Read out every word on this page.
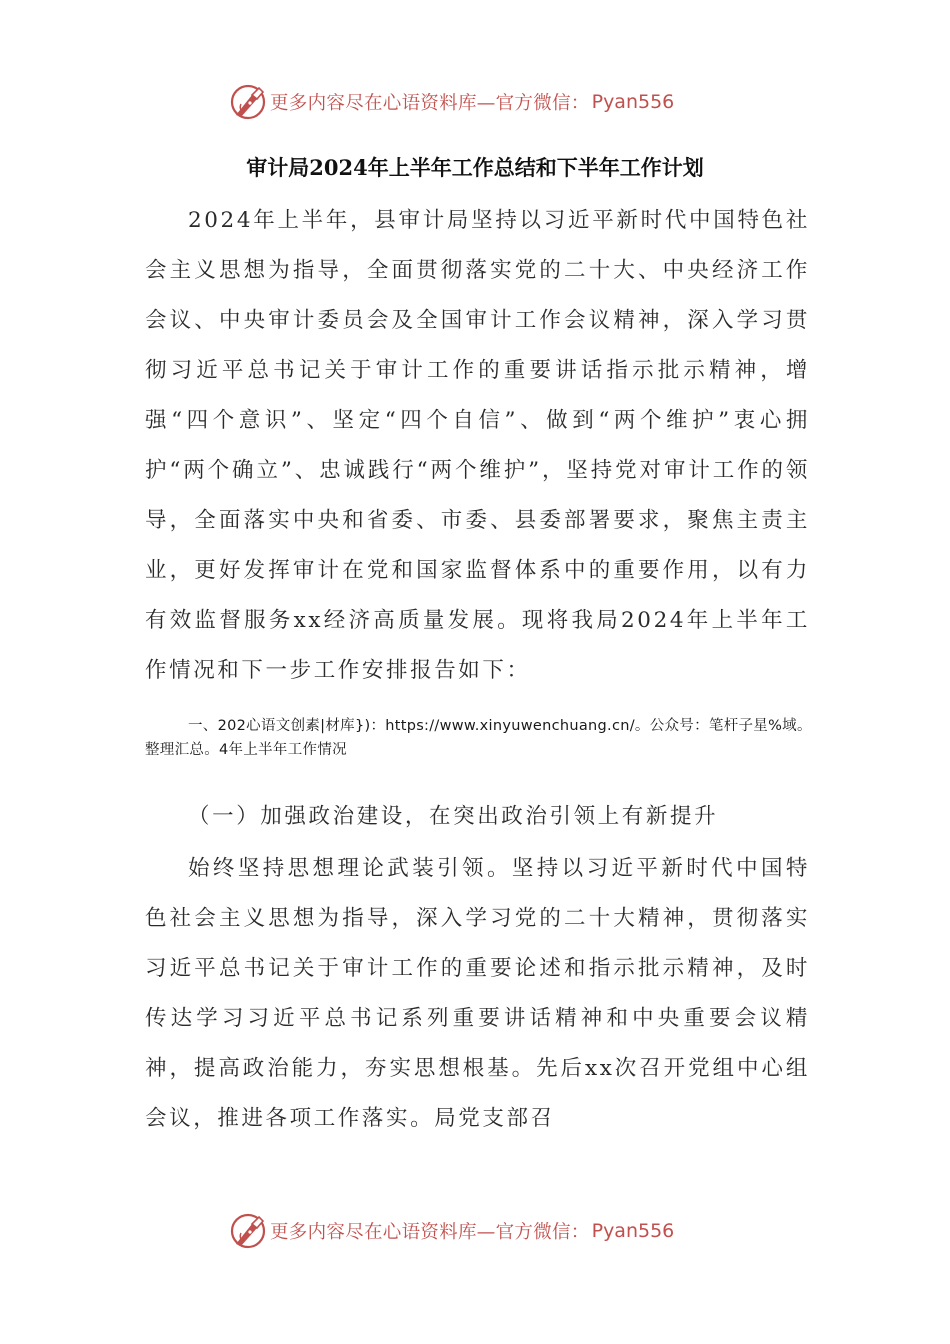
更多内容尽在心语资料库—官方微信： Pyan556
审计局2024年上半年工作总结和下半年工作计划
2024年上半年，县审计局坚持以习近平新时代中国特色社会主义思想为指导，全面贯彻落实党的二十大、中央经济工作会议、中央审计委员会及全国审计工作会议精神，深入学习贯彻习近平总书记关于审计工作的重要讲话指示批示精神，增强“四个意识”、坚定“四个自信”、做到“两个维护”衷心拥护“两个确立”、忠诚践行“两个维护”，坚持党对审计工作的领导，全面落实中央和省委、市委、县委部署要求，聚焦主责主业，更好发挥审计在党和国家监督体系中的重要作用，以有力有效监督服务xx经济高质量发展。现将我局2024年上半年工作情况和下一步工作安排报告如下：
一、202心语文创素|材库})：https://www.xinyuwenchuang.cn/。公众号：笔杆子星%域。整理汇总。4年上半年工作情况
（一）加强政治建设，在突出政治引领上有新提升
始终坚持思想理论武装引领。坚持以习近平新时代中国特色社会主义思想为指导，深入学习党的二十大精神，贯彻落实习近平总书记关于审计工作的重要论述和指示批示精神，及时传达学习习近平总书记系列重要讲话精神和中央重要会议精神，提高政治能力，夯实思想根基。先后xx次召开党组中心组会议，推进各项工作落实。局党支部召
更多内容尽在心语资料库—官方微信： Pyan556
